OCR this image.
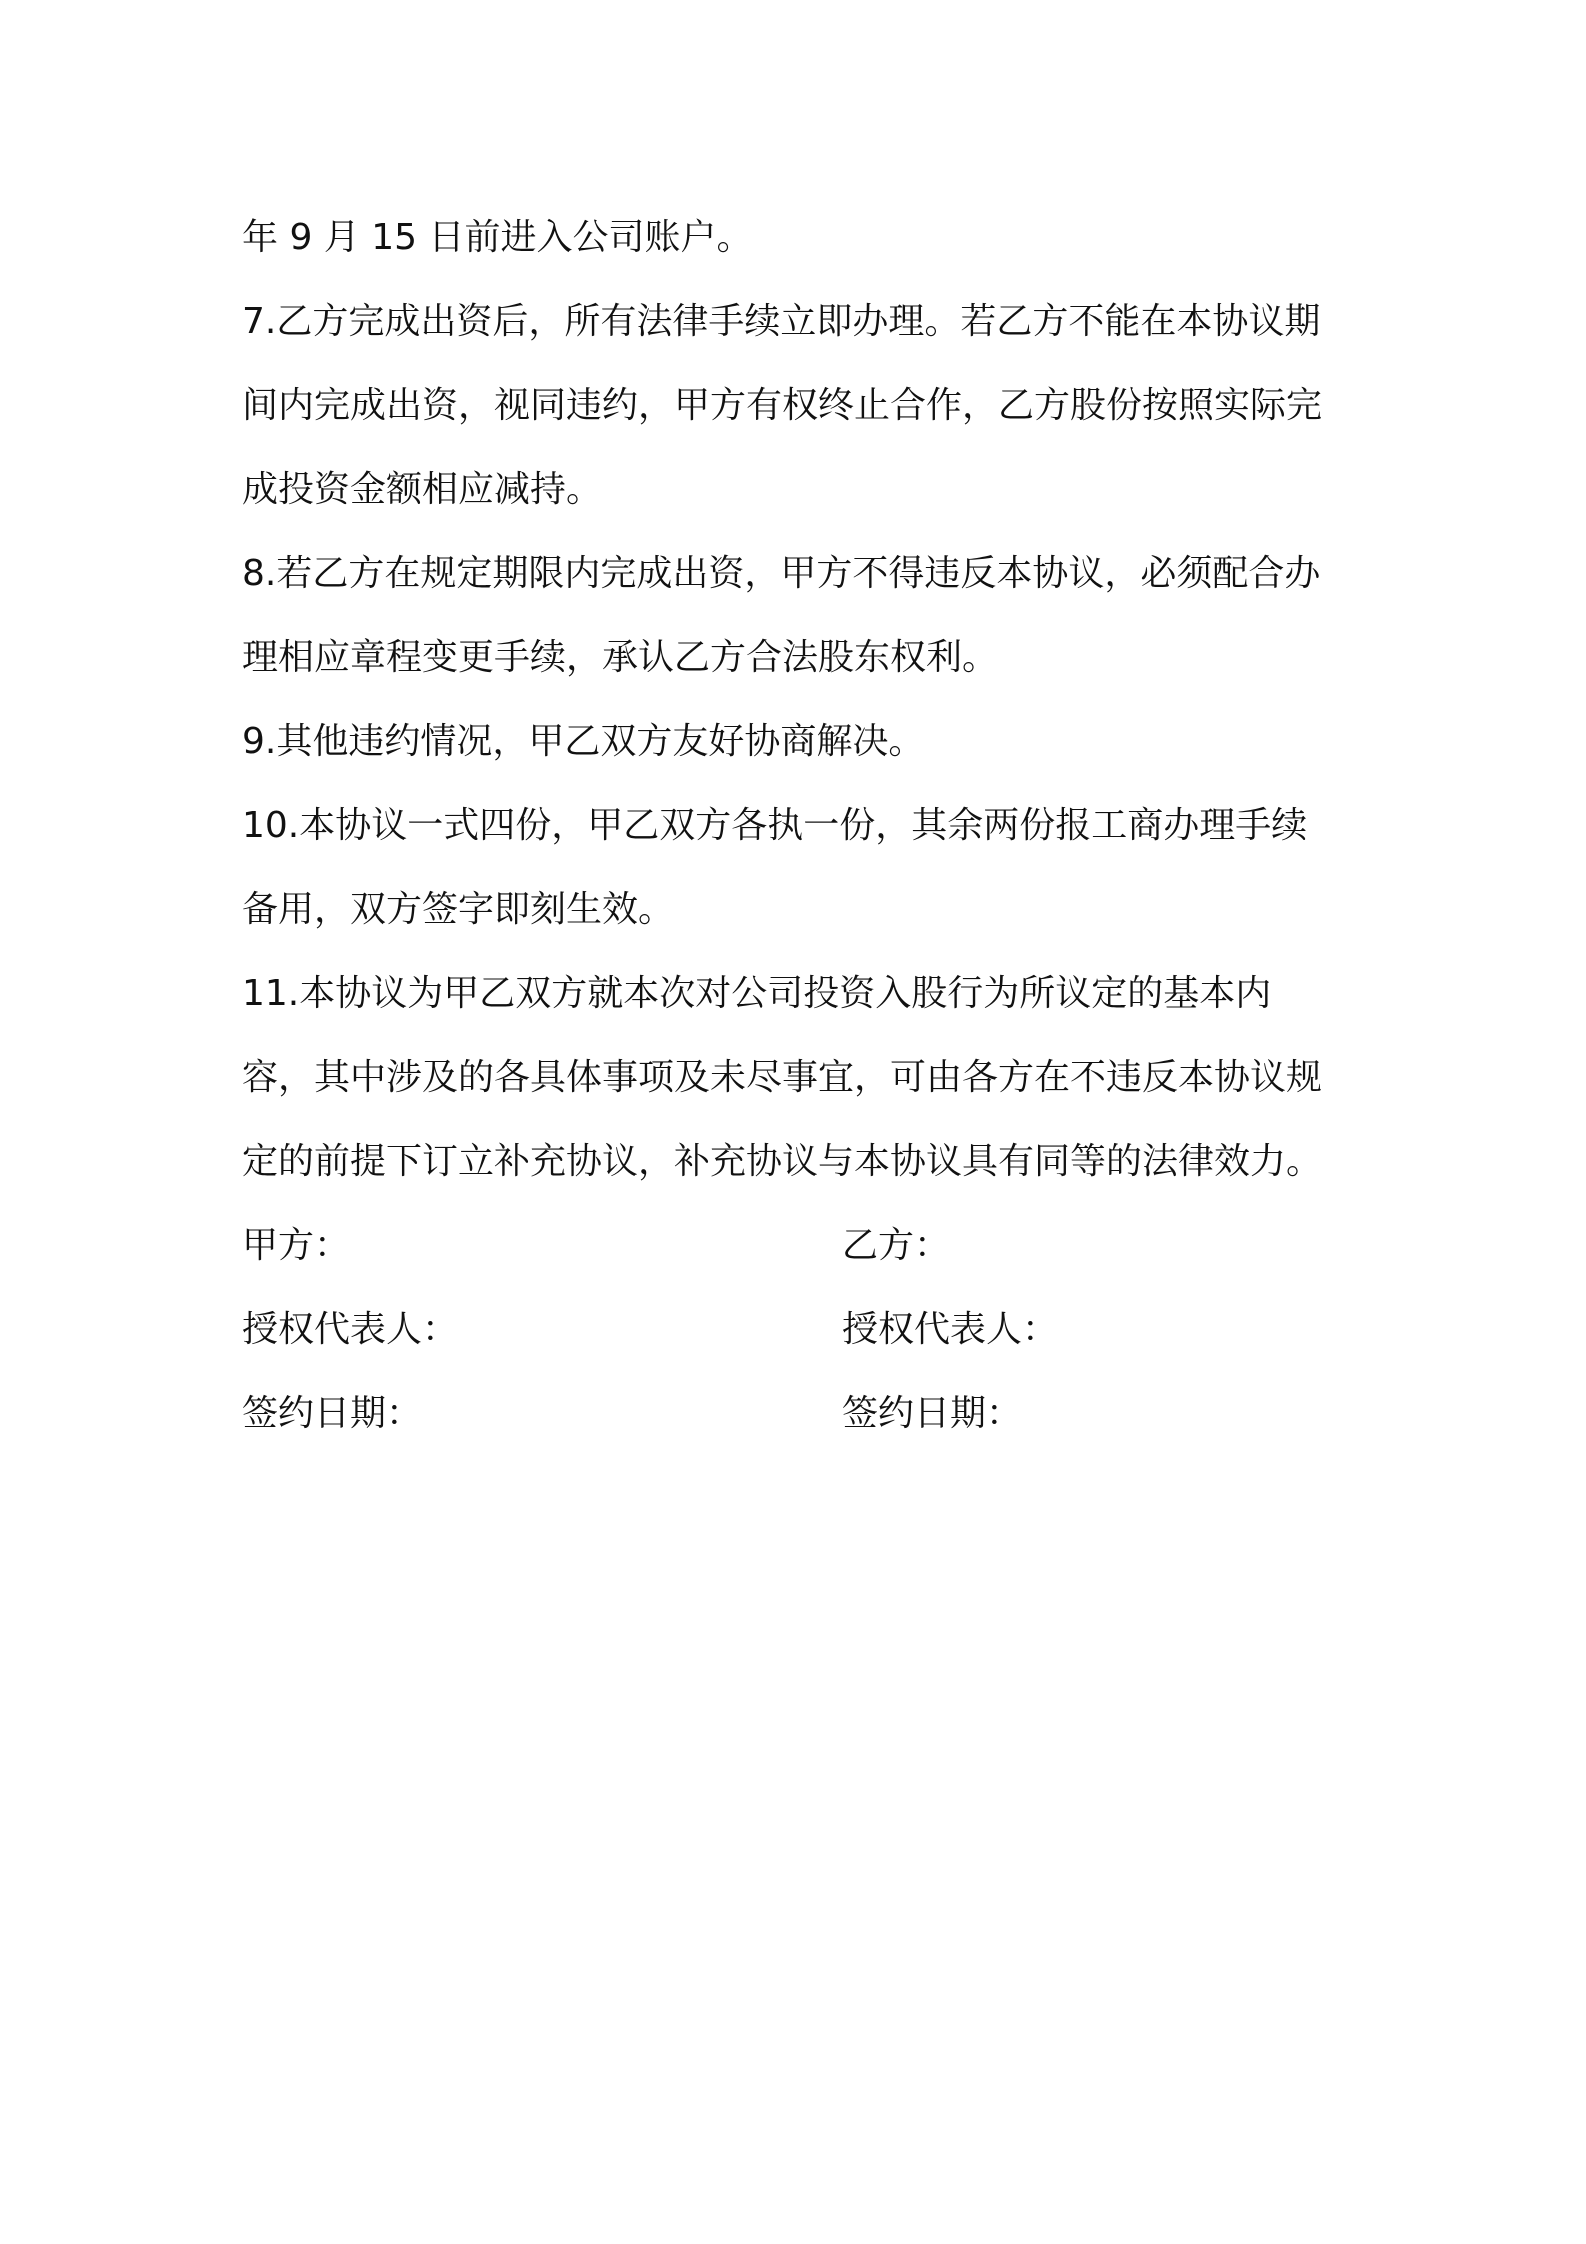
年 9 月 15 日前进入公司账户。
7.乙方完成出资后，所有法律手续立即办理。若乙方不能在本协议期
间内完成出资，视同违约，甲方有权终止合作，乙方股份按照实际完
成投资金额相应减持。
8.若乙方在规定期限内完成出资，甲方不得违反本协议，必须配合办
理相应章程变更手续，承认乙方合法股东权利。
9.其他违约情况，甲乙双方友好协商解决。
10.本协议一式四份，甲乙双方各执一份，其余两份报工商办理手续
备用，双方签字即刻生效。
11.本协议为甲乙双方就本次对公司投资入股行为所议定的基本内
容，其中涉及的各具体事项及未尽事宜，可由各方在不违反本协议规
定的前提下订立补充协议，补充协议与本协议具有同等的法律效力。
甲方：	乙方：
授权代表人：	授权代表人：
签约日期：	签约日期：
